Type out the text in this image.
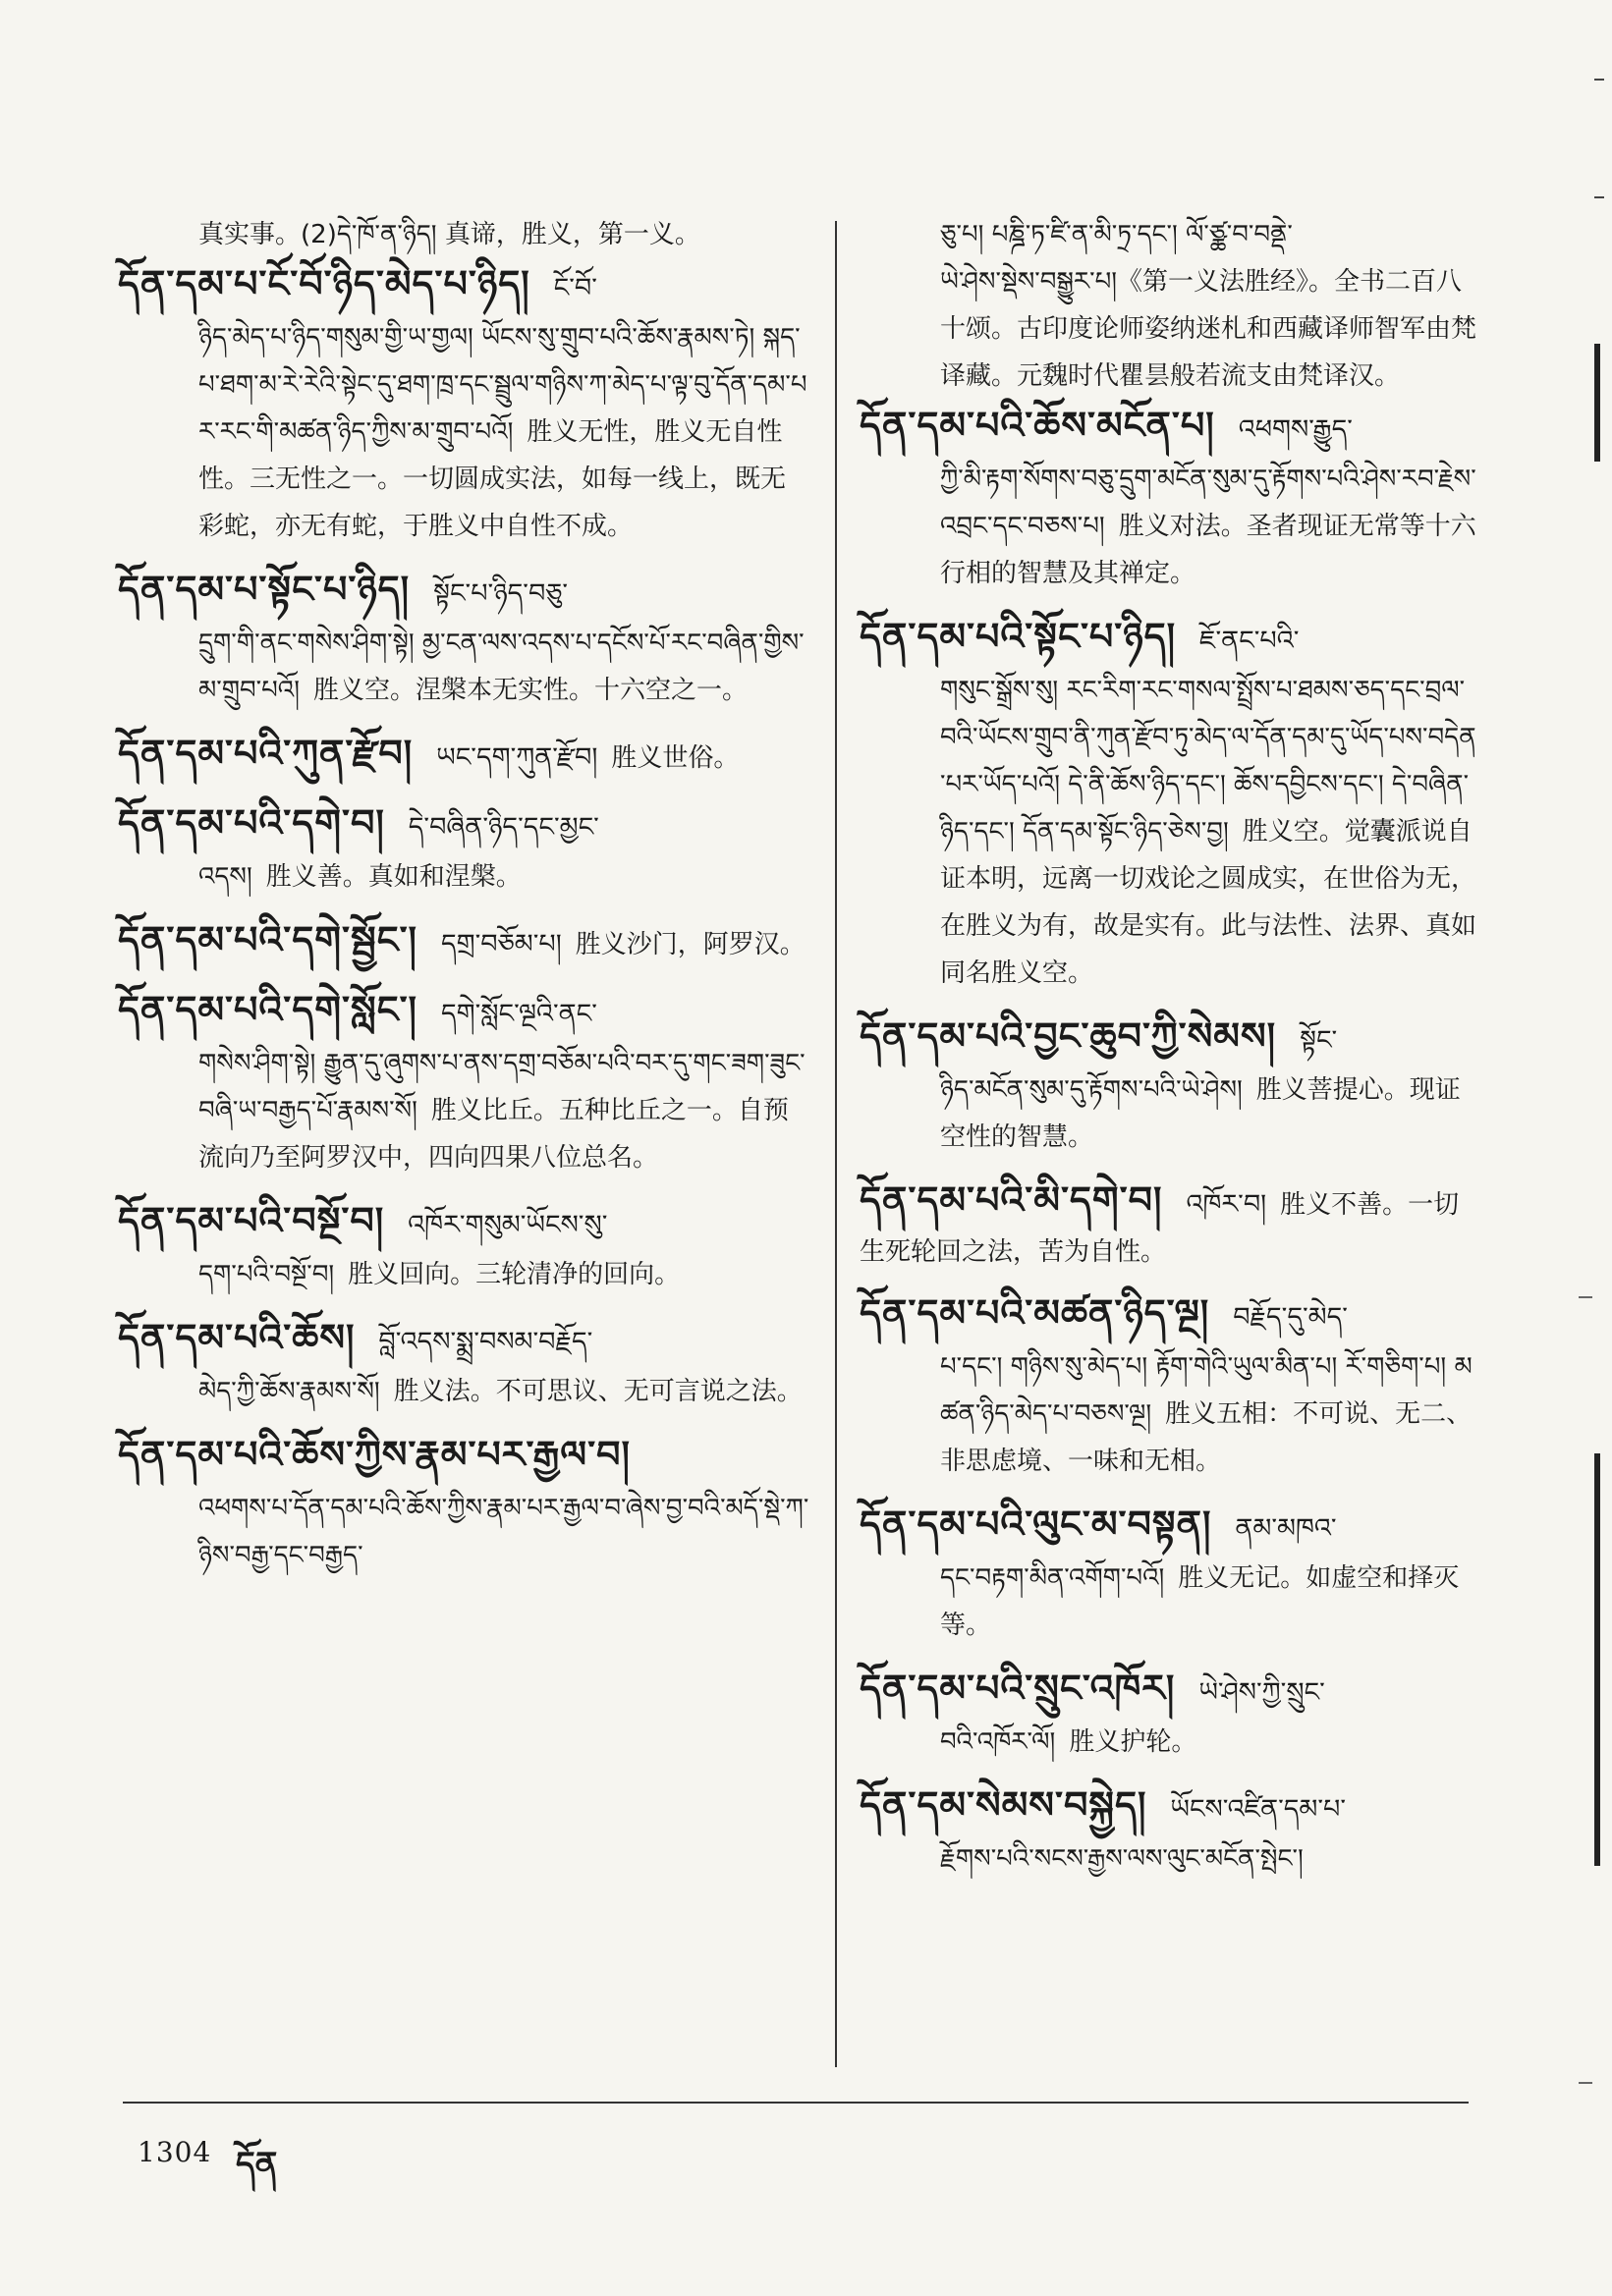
真实事。(2)དེ་ཁོ་ན་ཉིད། 真谛，胜义，第一义。
དོན་དམ་པ་ངོ་བོ་ཉིད་མེད་པ་ཉིད། ངོ་བོ་
ཉིད་མེད་པ་ཉིད་གསུམ་གྱི་ཡ་གྱལ། ཡོངས་སུ་གྲུབ་པའི་ཆོས་རྣམས་ཏེ། སྐད་པ་ཐག་མ་རེ་རེའི་སྟེང་དུ་ཐག་ཁྲ་དང་སྦྲུལ་གཉིས་ཀ་མེད་པ་ལྟ་བུ་དོན་དམ་པར་རང་གི་མཚན་ཉིད་ཀྱིས་མ་གྲུབ་པའོ། 胜义无性，胜义无自性性。三无性之一。一切圆成实法，如每一线上，既无彩蛇，亦无有蛇，于胜义中自性不成。
དོན་དམ་པ་སྟོང་པ་ཉིད། སྟོང་པ་ཉིད་བཅུ་
དྲུག་གི་ནང་གསེས་ཤིག་སྟེ། མྱ་ངན་ལས་འདས་པ་དངོས་པོ་རང་བཞིན་གྱིས་མ་གྲུབ་པའོ། 胜义空。涅槃本无实性。十六空之一。
དོན་དམ་པའི་ཀུན་རྫོབ། ཡང་དག་ཀུན་རྫོབ། 胜义世俗。
དོན་དམ་པའི་དགེ་བ། དེ་བཞིན་ཉིད་དང་མྱང་
འདས། 胜义善。真如和涅槃。
དོན་དམ་པའི་དགེ་སྦྱོང་། དགྲ་བཅོམ་པ། 胜义沙门，阿罗汉。
དོན་དམ་པའི་དགེ་སློང་། དགེ་སློང་ལྔའི་ནང་
གསེས་ཤིག་སྟེ། རྒྱུན་དུ་ཞུགས་པ་ནས་དགྲ་བཅོམ་པའི་བར་དུ་གང་ཟག་ཟུང་བཞི་ཡ་བརྒྱད་པོ་རྣམས་སོ། 胜义比丘。五种比丘之一。自预流向乃至阿罗汉中，四向四果八位总名。
དོན་དམ་པའི་བསྔོ་བ། འཁོར་གསུམ་ཡོངས་སུ་
དག་པའི་བསྔོ་བ། 胜义回向。三轮清净的回向。
དོན་དམ་པའི་ཆོས། བློ་འདས་སྨྲ་བསམ་བརྗོད་
མེད་ཀྱི་ཆོས་རྣམས་སོ། 胜义法。不可思议、无可言说之法。
དོན་དམ་པའི་ཆོས་ཀྱིས་རྣམ་པར་རྒྱལ་བ།
འཕགས་པ་དོན་དམ་པའི་ཆོས་ཀྱིས་རྣམ་པར་རྒྱལ་བ་ཞེས་བྱ་བའི་མདོ་སྡེ་ཀ་ཉིས་བརྒྱ་དང་བརྒྱད་
ཅུ་པ། པཎྜི་ཏ་ཛི་ན་མི་ཏྲ་དང་། ལོ་ཙྪ་བ་བནྡེ་
ཡེ་ཤེས་སྡེས་བསྒྱུར་པ།《第一义法胜经》。全书二百八十颂。古印度论师姿纳迷札和西藏译师智军由梵译藏。元魏时代瞿昙般若流支由梵译汉。
དོན་དམ་པའི་ཆོས་མངོན་པ། འཕགས་རྒྱུད་
ཀྱི་མི་རྟག་སོགས་བཅུ་དྲུག་མངོན་སུམ་དུ་རྟོགས་པའི་ཤེས་རབ་རྗེས་འབྲང་དང་བཅས་པ། 胜义对法。圣者现证无常等十六行相的智慧及其禅定。
དོན་དམ་པའི་སྟོང་པ་ཉིད། ཇོ་ནང་པའི་
གསུང་སྒྲོས་སུ། རང་རིག་རང་གསལ་སྤྲོས་པ་ཐམས་ཅད་དང་བྲལ་བའི་ཡོངས་གྲུབ་ནི་ཀུན་རྫོབ་ཏུ་མེད་ལ་དོན་དམ་དུ་ཡོད་པས་བདེན་པར་ཡོད་པའོ། དེ་ནི་ཆོས་ཉིད་དང་། ཆོས་དབྱིངས་དང་། དེ་བཞིན་ཉིད་དང་། དོན་དམ་སྟོང་ཉིད་ཅེས་བྱ། 胜义空。觉囊派说自证本明，远离一切戏论之圆成实，在世俗为无，在胜义为有，故是实有。此与法性、法界、真如同名胜义空。
དོན་དམ་པའི་བྱང་ཆུབ་ཀྱི་སེམས། སྟོང་
ཉིད་མངོན་སུམ་དུ་རྟོགས་པའི་ཡེ་ཤེས། 胜义菩提心。现证空性的智慧。
དོན་དམ་པའི་མི་དགེ་བ། འཁོར་བ། 胜义不善。一切生死轮回之法，苦为自性。
དོན་དམ་པའི་མཚན་ཉིད་ལྔ། བརྗོད་དུ་མེད་
པ་དང་། གཉིས་སུ་མེད་པ། རྟོག་གེའི་ཡུལ་མིན་པ། རོ་གཅིག་པ། མཚན་ཉིད་མེད་པ་བཅས་ལྔ། 胜义五相：不可说、无二、非思虑境、一味和无相。
དོན་དམ་པའི་ལུང་མ་བསྟན། ནམ་མཁའ་
དང་བརྟག་མིན་འགོག་པའོ། 胜义无记。如虚空和择灭等。
དོན་དམ་པའི་སྲུང་འཁོར། ཡེ་ཤེས་ཀྱི་སྲུང་
བའི་འཁོར་ལོ། 胜义护轮。
དོན་དམ་སེམས་བསྐྱེད། ཡོངས་འཛིན་དམ་པ་
རྗོགས་པའི་སངས་རྒྱས་ལས་ལུང་མངོན་སྤེང་།
1304 དོན
